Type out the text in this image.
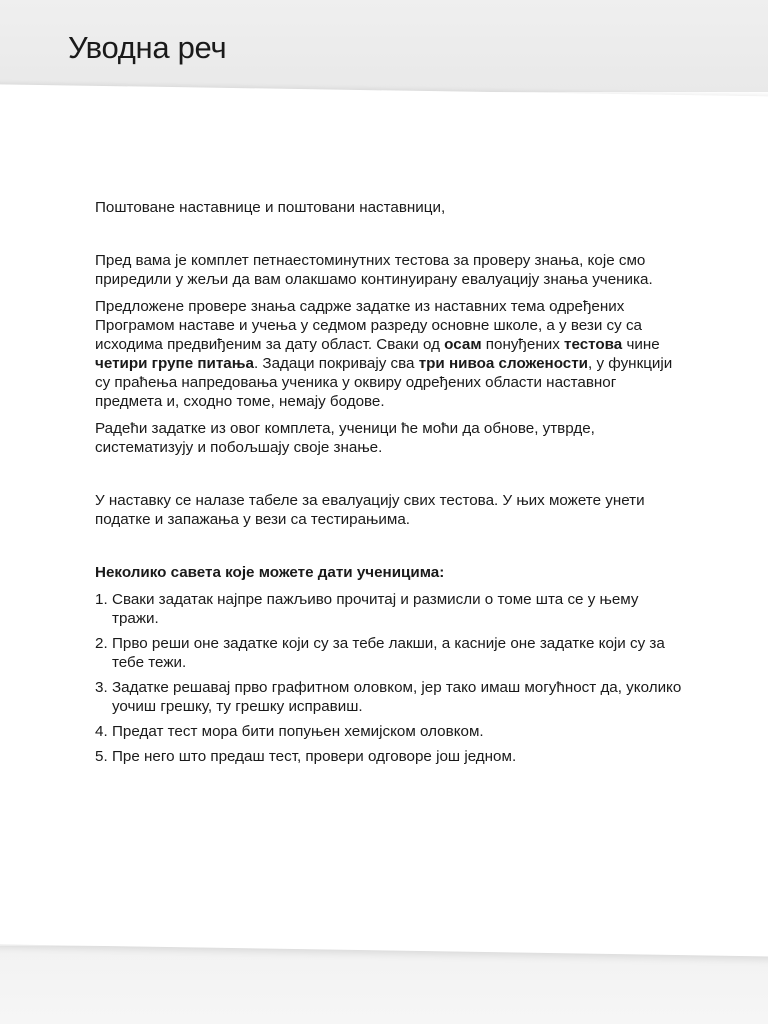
Уводна реч

Поштоване наставнице и поштовани наставници,

Пред вама је комплет петнаестоминутних тестова за проверу знања, које смо приредили у жељи да вам олакшамо континуирану евалуацију знања ученика.

Предложене провере знања садрже задатке из наставних тема одређених Програмом наставе и учења у седмом разреду основне школе, а у вези су са исходима предвиђеним за дату област. Сваки од осам понуђених тестова чине четири групе питања. Задаци покривају сва три нивоа сложености, у функцији су праћења напредовања ученика у оквиру одређених области наставног предмета и, сходно томе, немају бодове.

Радећи задатке из овог комплета, ученици ће моћи да обнове, утврде, систематизују и побољшају своје знање.

У наставку се налазе табеле за евалуацију свих тестова. У њих можете унети податке и запажања у вези са тестирањима.

Неколико савета које можете дати ученицима:

1. Сваки задатак најпре пажљиво прочитај и размисли о томе шта се у њему тражи.
2. Прво реши оне задатке који су за тебе лакши, а касније оне задатке који су за тебе тежи.
3. Задатке решавај прво графитном оловком, јер тако имаш могућност да, уколико уочиш грешку, ту грешку исправиш.
4. Предат тест мора бити попуњен хемијском оловком.
5. Пре него што предаш тест, провери одговоре још једном.
